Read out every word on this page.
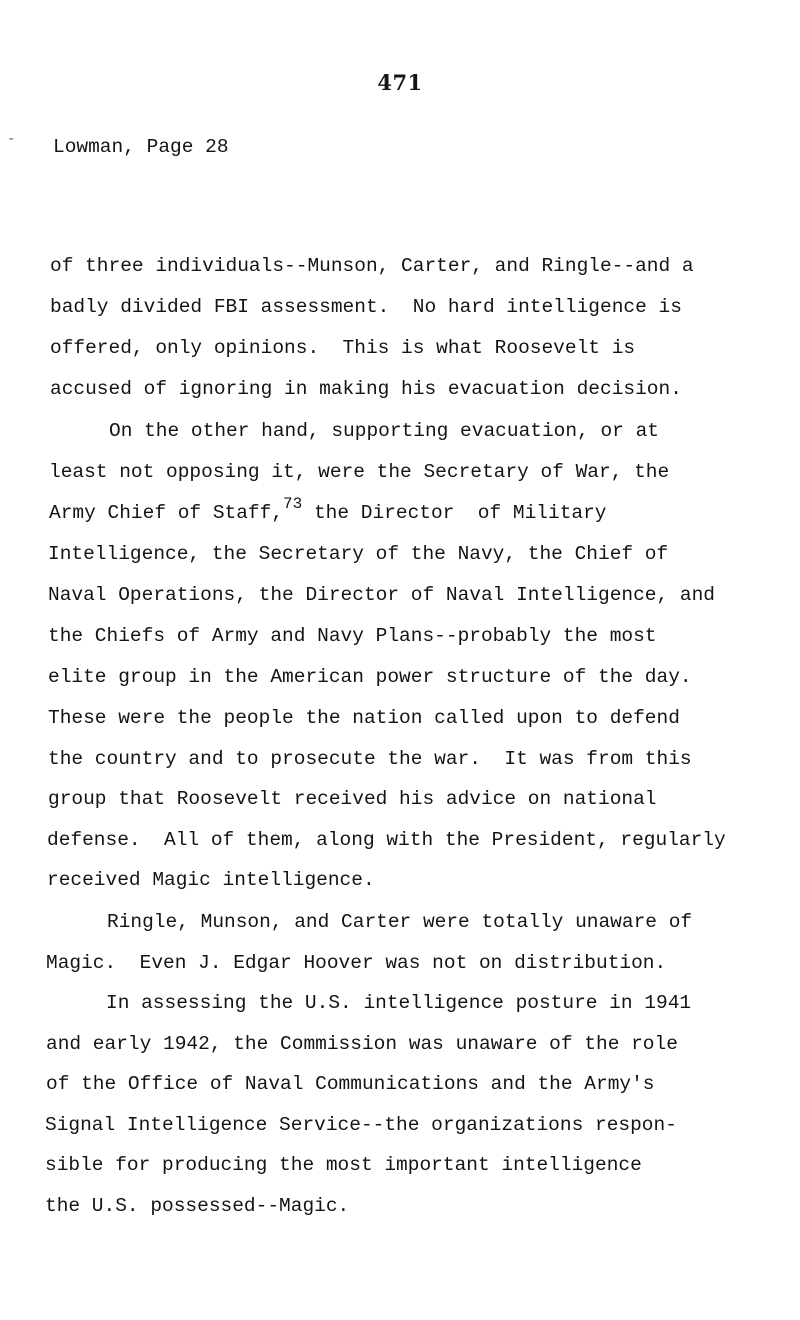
471
- Lowman, Page 28
of three individuals--Munson, Carter, and Ringle--and a
badly divided FBI assessment.  No hard intelligence is
offered, only opinions.  This is what Roosevelt is
accused of ignoring in making his evacuation decision.
On the other hand, supporting evacuation, or at
least not opposing it, were the Secretary of War, the
Army Chief of Staff,$^{73}$ the Director  of Military
Intelligence, the Secretary of the Navy, the Chief of
Naval Operations, the Director of Naval Intelligence, and
the Chiefs of Army and Navy Plans--probably the most
elite group in the American power structure of the day.
These were the people the nation called upon to defend
the country and to prosecute the war.  It was from this
group that Roosevelt received his advice on national
defense.  All of them, along with the President, regularly
received Magic intelligence.
Ringle, Munson, and Carter were totally unaware of
Magic.  Even J. Edgar Hoover was not on distribution.
In assessing the U.S. intelligence posture in 1941
and early 1942, the Commission was unaware of the role
of the Office of Naval Communications and the Army's
Signal Intelligence Service--the organizations respon-
sible for producing the most important intelligence
the U.S. possessed--Magic.
